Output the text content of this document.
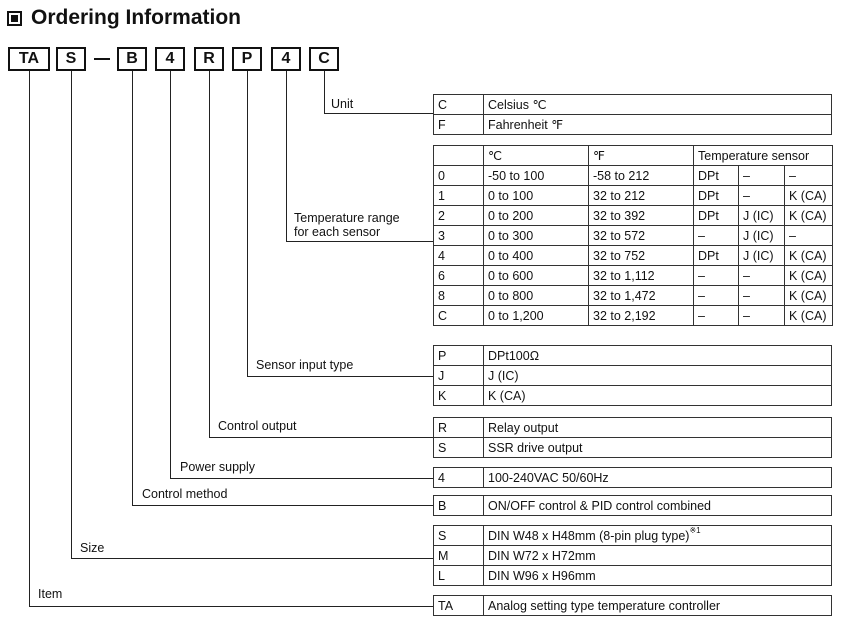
Ordering Information
TA	S	B	4	R	P	4	C
Unit
Temperature range
for each sensor
Sensor input type
Control output
Power supply
Control method
Size
Item
C	Celsius ℃
F	Fahrenheit ℉
	℃	℉	Temperature sensor		
0	-50 to 100	-58 to 212	DPt	–	–
1	0 to 100	32 to 212	DPt	–	K (CA)
2	0 to 200	32 to 392	DPt	J (IC)	K (CA)
3	0 to 300	32 to 572	–	J (IC)	–
4	0 to 400	32 to 752	DPt	J (IC)	K (CA)
6	0 to 600	32 to 1,112	–	–	K (CA)
8	0 to 800	32 to 1,472	–	–	K (CA)
C	0 to 1,200	32 to 2,192	–	–	K (CA)
P	DPt100Ω
J	J (IC)
K	K (CA)
R	Relay output
S	SSR drive output
4	100-240VAC 50/60Hz
B	ON/OFF control & PID control combined
S	DIN W48 x H48mm (8-pin plug type)$^{※1}$
M	DIN W72 x H72mm
L	DIN W96 x H96mm
TA	Analog setting type temperature controller
